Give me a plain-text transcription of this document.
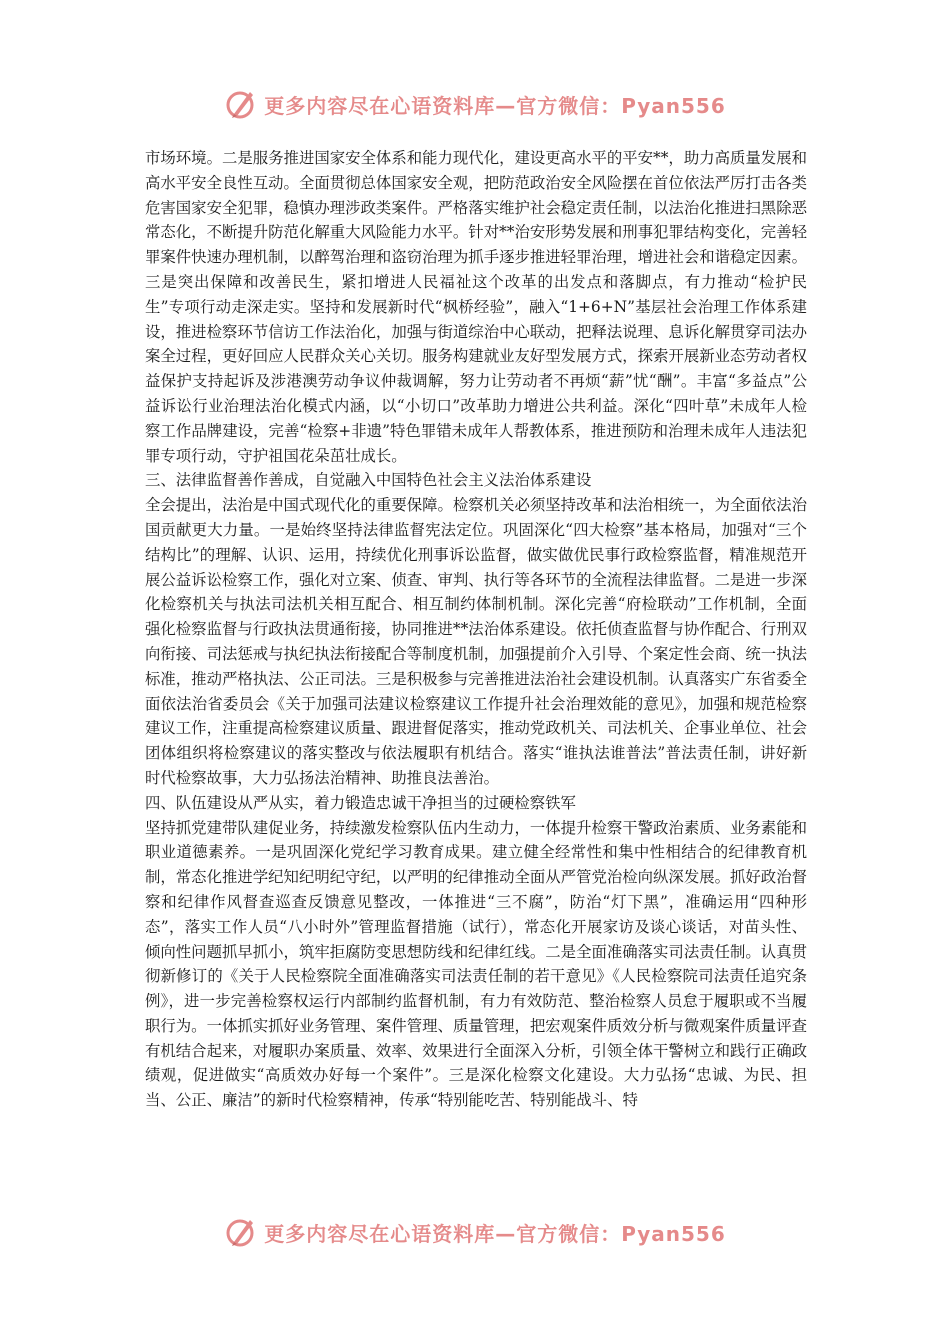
更多内容尽在心语资料库—官方微信：Pyan556

市场环境。二是服务推进国家安全体系和能力现代化，建设更高水平的平安**，助力高质量发展和高水平安全良性互动。全面贯彻总体国家安全观，把防范政治安全风险摆在首位依法严厉打击各类危害国家安全犯罪，稳慎办理涉政类案件。严格落实维护社会稳定责任制，以法治化推进扫黑除恶常态化，不断提升防范化解重大风险能力水平。针对**治安形势发展和刑事犯罪结构变化，完善轻罪案件快速办理机制，以醉驾治理和盗窃治理为抓手逐步推进轻罪治理，增进社会和谐稳定因素。三是突出保障和改善民生，紧扣增进人民福祉这个改革的出发点和落脚点，有力推动“检护民生”专项行动走深走实。坚持和发展新时代“枫桥经验”，融入“1+6+N”基层社会治理工作体系建设，推进检察环节信访工作法治化，加强与街道综治中心联动，把释法说理、息诉化解贯穿司法办案全过程，更好回应人民群众关心关切。服务构建就业友好型发展方式，探索开展新业态劳动者权益保护支持起诉及涉港澳劳动争议仲裁调解，努力让劳动者不再烦“薪”忧“酬”。丰富“多益点”公益诉讼行业治理法治化模式内涵，以“小切口”改革助力增进公共利益。深化“四叶草”未成年人检察工作品牌建设，完善“检察+非遗”特色罪错未成年人帮教体系，推进预防和治理未成年人违法犯罪专项行动，守护祖国花朵茁壮成长。

三、法律监督善作善成，自觉融入中国特色社会主义法治体系建设

全会提出，法治是中国式现代化的重要保障。检察机关必须坚持改革和法治相统一，为全面依法治国贡献更大力量。一是始终坚持法律监督宪法定位。巩固深化“四大检察”基本格局，加强对“三个结构比”的理解、认识、运用，持续优化刑事诉讼监督，做实做优民事行政检察监督，精准规范开展公益诉讼检察工作，强化对立案、侦查、审判、执行等各环节的全流程法律监督。二是进一步深化检察机关与执法司法机关相互配合、相互制约体制机制。深化完善“府检联动”工作机制，全面强化检察监督与行政执法贯通衔接，协同推进**法治体系建设。依托侦查监督与协作配合、行刑双向衔接、司法惩戒与执纪执法衔接配合等制度机制，加强提前介入引导、个案定性会商、统一执法标准，推动严格执法、公正司法。三是积极参与完善推进法治社会建设机制。认真落实广东省委全面依法治省委员会《关于加强司法建议检察建议工作提升社会治理效能的意见》，加强和规范检察建议工作，注重提高检察建议质量、跟进督促落实，推动党政机关、司法机关、企事业单位、社会团体组织将检察建议的落实整改与依法履职有机结合。落实“谁执法谁普法”普法责任制，讲好新时代检察故事，大力弘扬法治精神、助推良法善治。

四、队伍建设从严从实，着力锻造忠诚干净担当的过硬检察铁军

坚持抓党建带队建促业务，持续激发检察队伍内生动力，一体提升检察干警政治素质、业务素能和职业道德素养。一是巩固深化党纪学习教育成果。建立健全经常性和集中性相结合的纪律教育机制，常态化推进学纪知纪明纪守纪，以严明的纪律推动全面从严管党治检向纵深发展。抓好政治督察和纪律作风督查巡查反馈意见整改，一体推进“三不腐”，防治“灯下黑”，准确运用“四种形态”，落实工作人员“八小时外”管理监督措施（试行），常态化开展家访及谈心谈话，对苗头性、倾向性问题抓早抓小，筑牢拒腐防变思想防线和纪律红线。二是全面准确落实司法责任制。认真贯彻新修订的《关于人民检察院全面准确落实司法责任制的若干意见》《人民检察院司法责任追究条例》，进一步完善检察权运行内部制约监督机制，有力有效防范、整治检察人员怠于履职或不当履职行为。一体抓实抓好业务管理、案件管理、质量管理，把宏观案件质效分析与微观案件质量评查有机结合起来，对履职办案质量、效率、效果进行全面深入分析，引领全体干警树立和践行正确政绩观，促进做实“高质效办好每一个案件”。三是深化检察文化建设。大力弘扬“忠诚、为民、担当、公正、廉洁”的新时代检察精神，传承“特别能吃苦、特别能战斗、特

更多内容尽在心语资料库—官方微信：Pyan556
